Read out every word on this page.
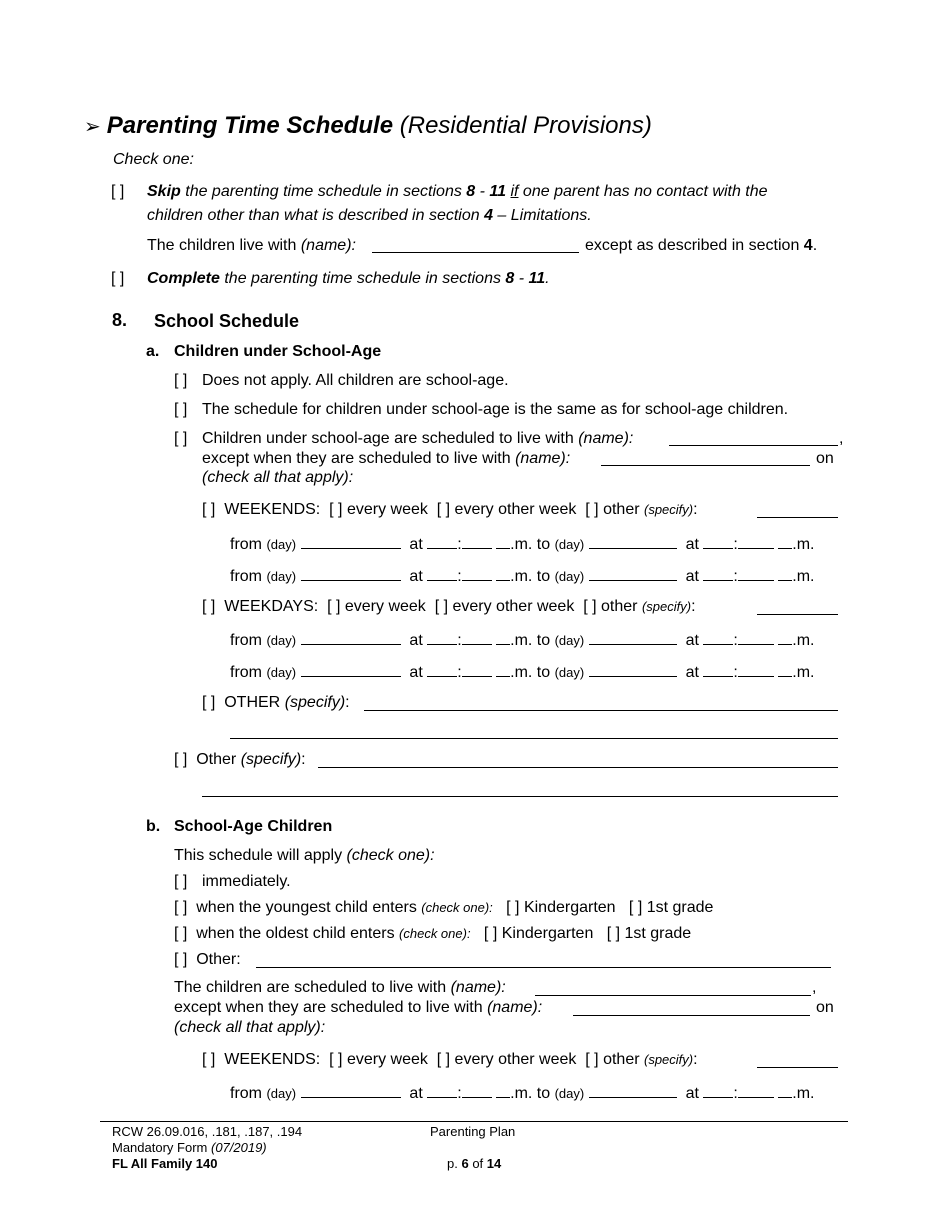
➢ Parenting Time Schedule (Residential Provisions)
Check one:
[ ] Skip the parenting time schedule in sections 8 - 11 if one parent has no contact with the
children other than what is described in section 4 – Limitations.
The children live with (name):	except as described in section 4.
[ ] Complete the parenting time schedule in sections 8 - 11.
8. School Schedule
a. Children under School-Age
[ ] Does not apply. All children are school-age.
[ ] The schedule for children under school-age is the same as for school-age children.
[ ] Children under school-age are scheduled to live with (name):	,
except when they are scheduled to live with (name):	on
(check all that apply):
[ ] WEEKENDS: [ ] every week [ ] every other week [ ] other (specify):
from (day)	at :	.m. to (day)	at :	.m.
from (day)	at :	.m. to (day)	at :	.m.
[ ] WEEKDAYS: [ ] every week [ ] every other week [ ] other (specify):
from (day)	at :	.m. to (day)	at :	.m.
from (day)	at :	.m. to (day)	at :	.m.
[ ] OTHER (specify):
[ ] Other (specify):
b. School-Age Children
This schedule will apply (check one):
[ ] immediately.
[ ] when the youngest child enters (check one): [ ] Kindergarten [ ] 1st grade
[ ] when the oldest child enters (check one): [ ] Kindergarten [ ] 1st grade
[ ] Other:
The children are scheduled to live with (name):	,
except when they are scheduled to live with (name):	on
(check all that apply):
[ ] WEEKENDS: [ ] every week [ ] every other week [ ] other (specify):
from (day)	at :	.m. to (day)	at :	.m.
RCW 26.09.016, .181, .187, .194
Mandatory Form (07/2019)
FL All Family 140
Parenting Plan
p. 6 of 14
